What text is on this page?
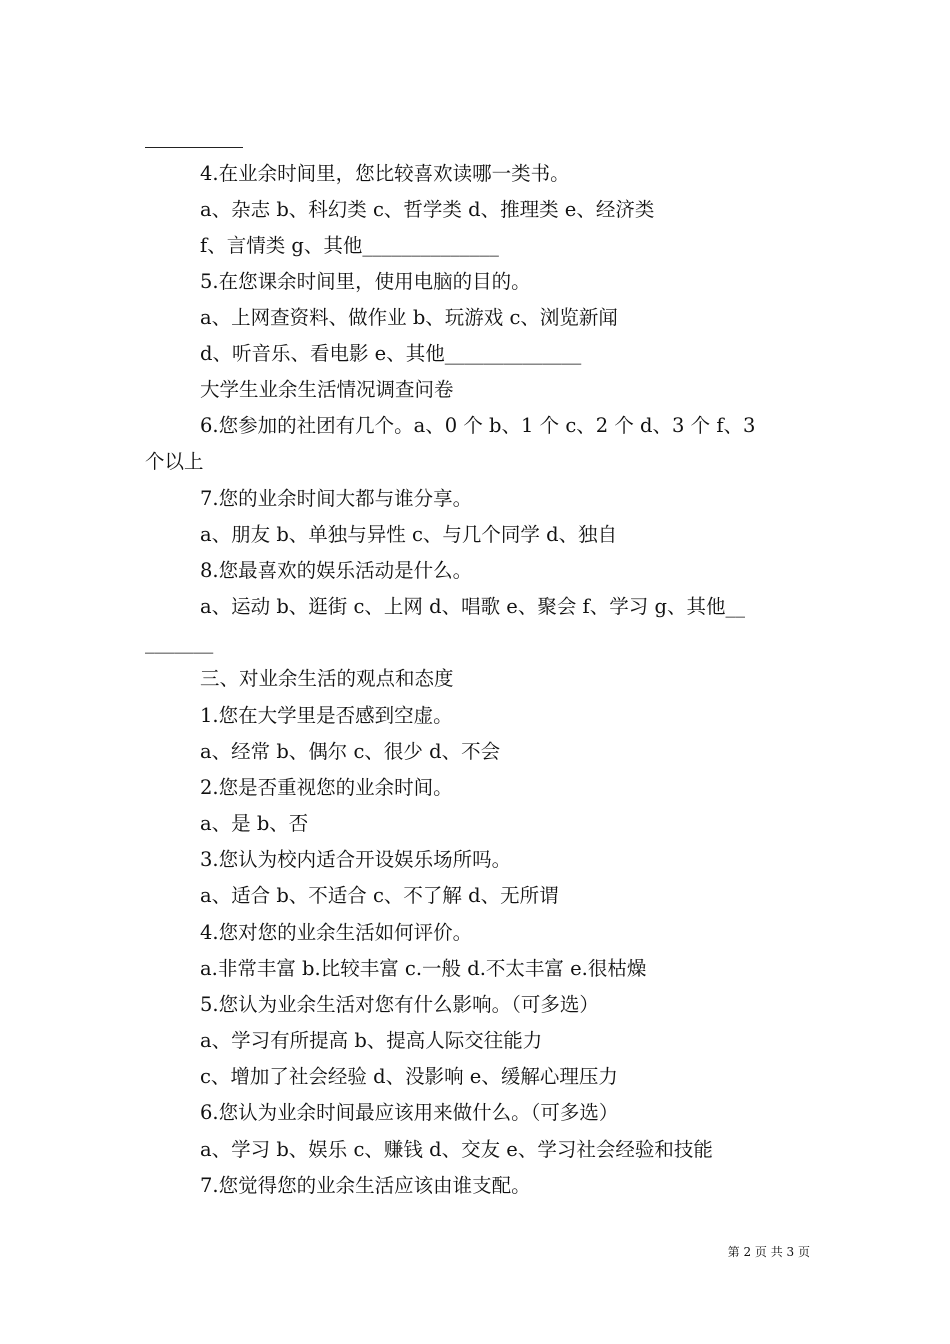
4.在业余时间里，您比较喜欢读哪一类书。
a、杂志 b、科幻类 c、哲学类 d、推理类 e、经济类
f、言情类 g、其他______________
5.在您课余时间里，使用电脑的目的。
a、上网查资料、做作业 b、玩游戏 c、浏览新闻
d、听音乐、看电影 e、其他______________
大学生业余生活情况调查问卷
6.您参加的社团有几个。a、0 个 b、1 个 c、2 个 d、3 个 f、3
个以上
7.您的业余时间大都与谁分享。
a、朋友 b、单独与异性 c、与几个同学 d、独自
8.您最喜欢的娱乐活动是什么。
a、运动 b、逛街 c、上网 d、唱歌 e、聚会 f、学习 g、其他__
_______
三、对业余生活的观点和态度
1.您在大学里是否感到空虚。
a、经常 b、偶尔 c、很少 d、不会
2.您是否重视您的业余时间。
a、是 b、否
3.您认为校内适合开设娱乐场所吗。
a、适合 b、不适合 c、不了解 d、无所谓
4.您对您的业余生活如何评价。
a.非常丰富 b.比较丰富 c.一般 d.不太丰富 e.很枯燥
5.您认为业余生活对您有什么影响。（可多选）
a、学习有所提高 b、提高人际交往能力
c、增加了社会经验 d、没影响 e、缓解心理压力
6.您认为业余时间最应该用来做什么。（可多选）
a、学习 b、娱乐 c、赚钱 d、交友 e、学习社会经验和技能
7.您觉得您的业余生活应该由谁支配。
第 2 页 共 3 页
